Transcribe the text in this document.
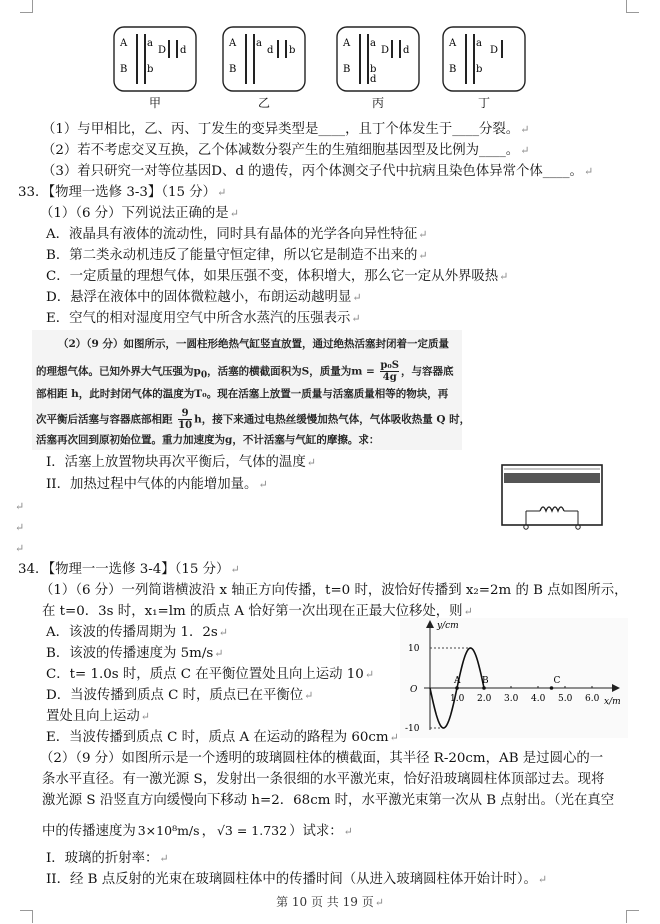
A
B
a
b
D d
A
B
a
d b
A
B
a
b
D d
d
A
B
a
b
D
甲	乙	丙	丁
（1）与甲相比，乙、丙、丁发生的变异类型是____，且丁个体发生于____分裂。↵
（2）若不考虑交叉互换，乙个体减数分裂产生的生殖细胞基因型及比例为____。↵
（3）着只研究一对等位基因D、d 的遗传，丙个体测交子代中抗病且染色体异常个体____。↵
33．【物理一选修 3-3】（15 分）↵
（1）（6 分）下列说法正确的是↵
A．液晶具有液体的流动性，同时具有晶体的光学各向异性特征↵
B．第二类永动机违反了能量守恒定律，所以它是制造不出来的↵
C．一定质量的理想气体，如果压强不变，体积增大，那么它一定从外界吸热↵
D．悬浮在液体中的固体微粒越小，布朗运动越明显↵
E．空气的相对湿度用空气中所含水蒸汽的压强表示↵
（2）（9 分）如图所示，一圆柱形绝热气缸竖直放置，通过绝热活塞封闭着一定质量
的理想气体。已知外界大气压强为$p_0$，活塞的横截面积为S，质量为$m = \frac{\text{p₀S}}{4g}$ ，与容器底
部相距 h，此时封闭气体的温度为T₀。现在活塞上放置一质量与活塞质量相等的物块，再
次平衡后活塞与容器底部相距 $\frac{9}{10}$ h，接下来通过电热丝缓慢加热气体，气体吸收热量 Q 时，
活塞再次回到原初始位置。重力加速度为g，不计活塞与气缸的摩擦。求：
I．活塞上放置物块再次平衡后，气体的温度↵
II．加热过程中气体的内能增加量。↵
↵
↵
↵
34．【物理一一选修 3-4】（15 分）↵
（1）（6 分）一列简谐横波沿 x 轴正方向传播，t=0 时，波恰好传播到 x₂=2m 的 B 点如图所示，
在 t=0．3s 时，x₁=lm 的质点 A 恰好第一次出现在正最大位移处，则↵
A．该波的传播周期为 1．2s↵
B．该波的传播速度为 5m/s↵
C．t= 1.0s 时，质点 C 在平衡位置处且向上运动 10↵
D．当波传播到质点 C 时，质点已在平衡位↵
置处且向上运动↵
E．当波传播到质点 C 时，质点 A 在运动的路程为 60cm↵
y/cm
x/m
O
10
-10
1.0 2.0 3.0 4.0 5.0 6.0
A B	C
（2）（9 分）如图所示是一个透明的玻璃圆柱体的横截面，其半径 R-20cm，AB 是过圆心的一
条水平直径。有一激光源 S，发射出一条很细的水平激光束，恰好沿玻璃圆柱体顶部过去。现将
激光源 S 沿竖直方向缓慢向下移动 h=2．68cm 时，水平激光束第一次从 B 点射出。（光在真空
中的传播速度为 3×10⁸m/s ， √3 = 1.732 ）试求：↵
I．玻璃的折射率：↵
II．经 B 点反射的光束在玻璃圆柱体中的传播时间（从进入玻璃圆柱体开始计时）。↵
第 10 页 共 19 页↵
